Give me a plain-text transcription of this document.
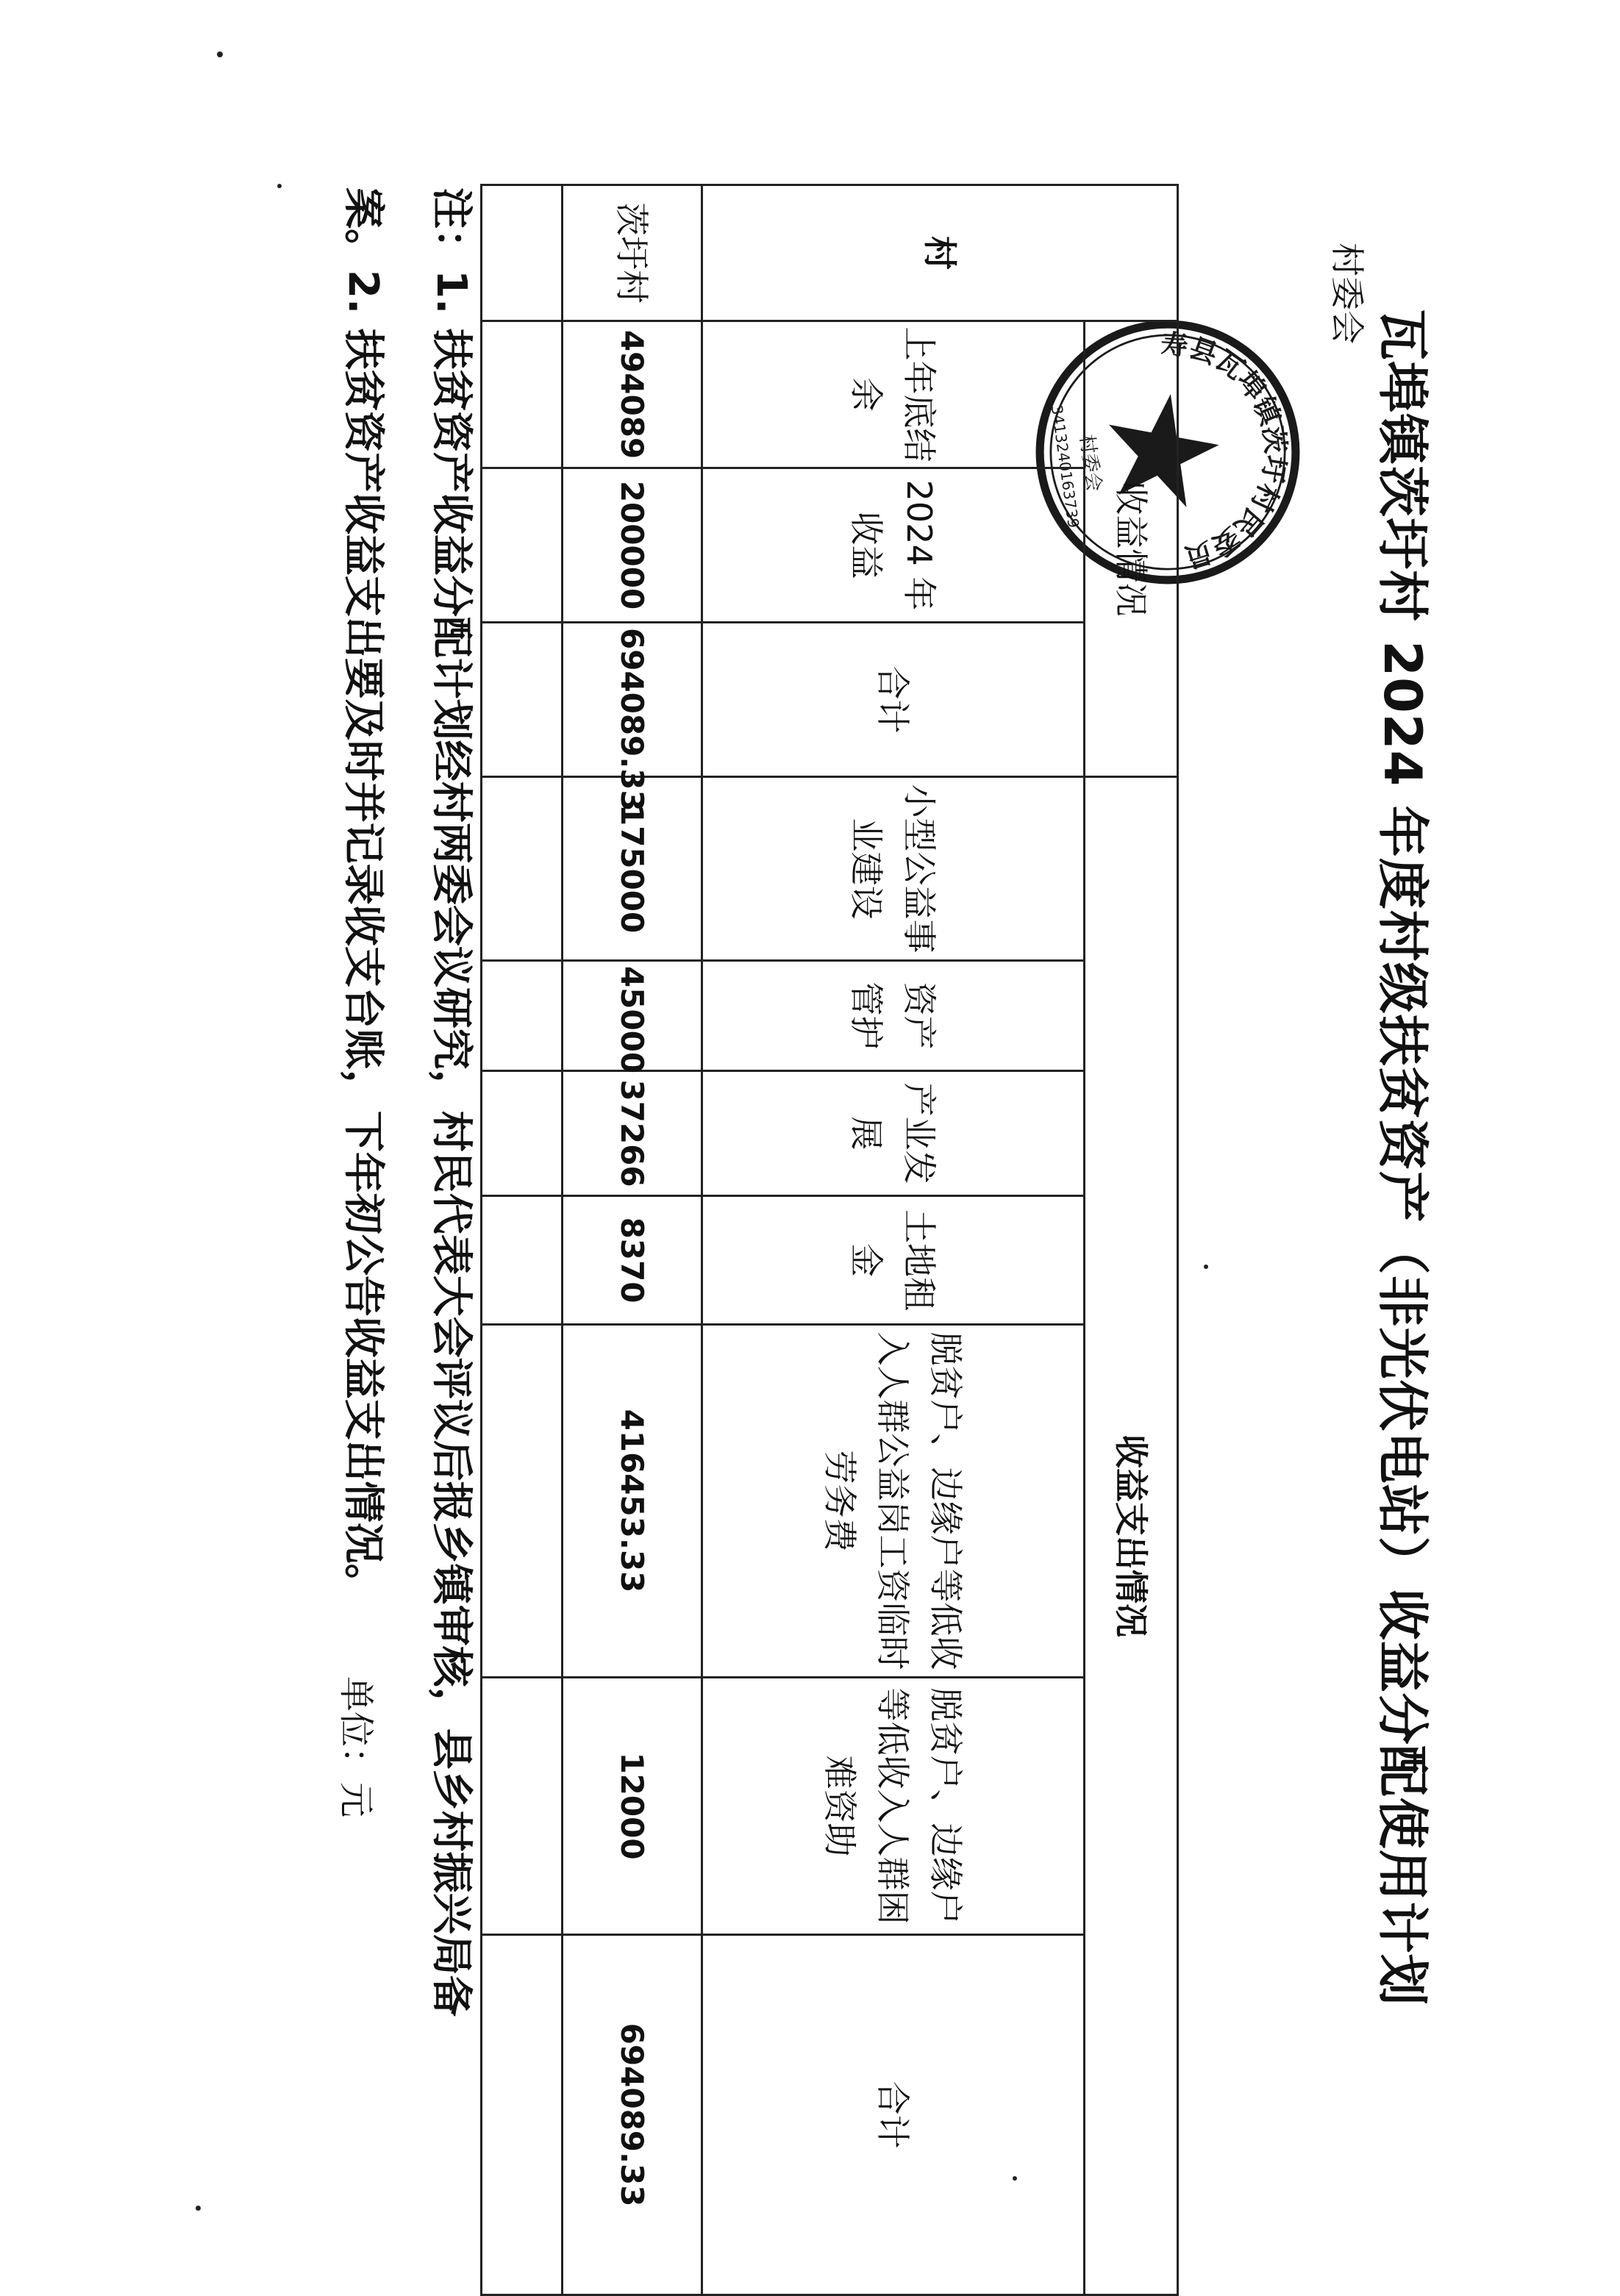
瓦埠镇茨圩村 2024 年度村级扶贫资产（非光伏电站）收益分配使用计划
村委会
单位：元
寿县瓦埠镇茨圩村民委员会
村委会
3413240163739
村	收益情况			收益支出情况						
	上年底结余	2024 年收益	合计	小型公益事业建设	资产管护	产业发展	土地租金	脱贫户、边缘户等低收入人群公益岗工资临时劳务费	脱贫户、边缘户等低收入人群困难资助	合计
茨圩村	494089	200000	694089.33	175000	45000	37266	8370	416453.33	12000	694089.33

注：1. 扶贫资产收益分配计划经村两委会议研究，村民代表大会评议后报乡镇审核，县乡村振兴局备
案。2. 扶贫资产收益支出要及时并记录收支台账，下年初公告收益支出情况。
